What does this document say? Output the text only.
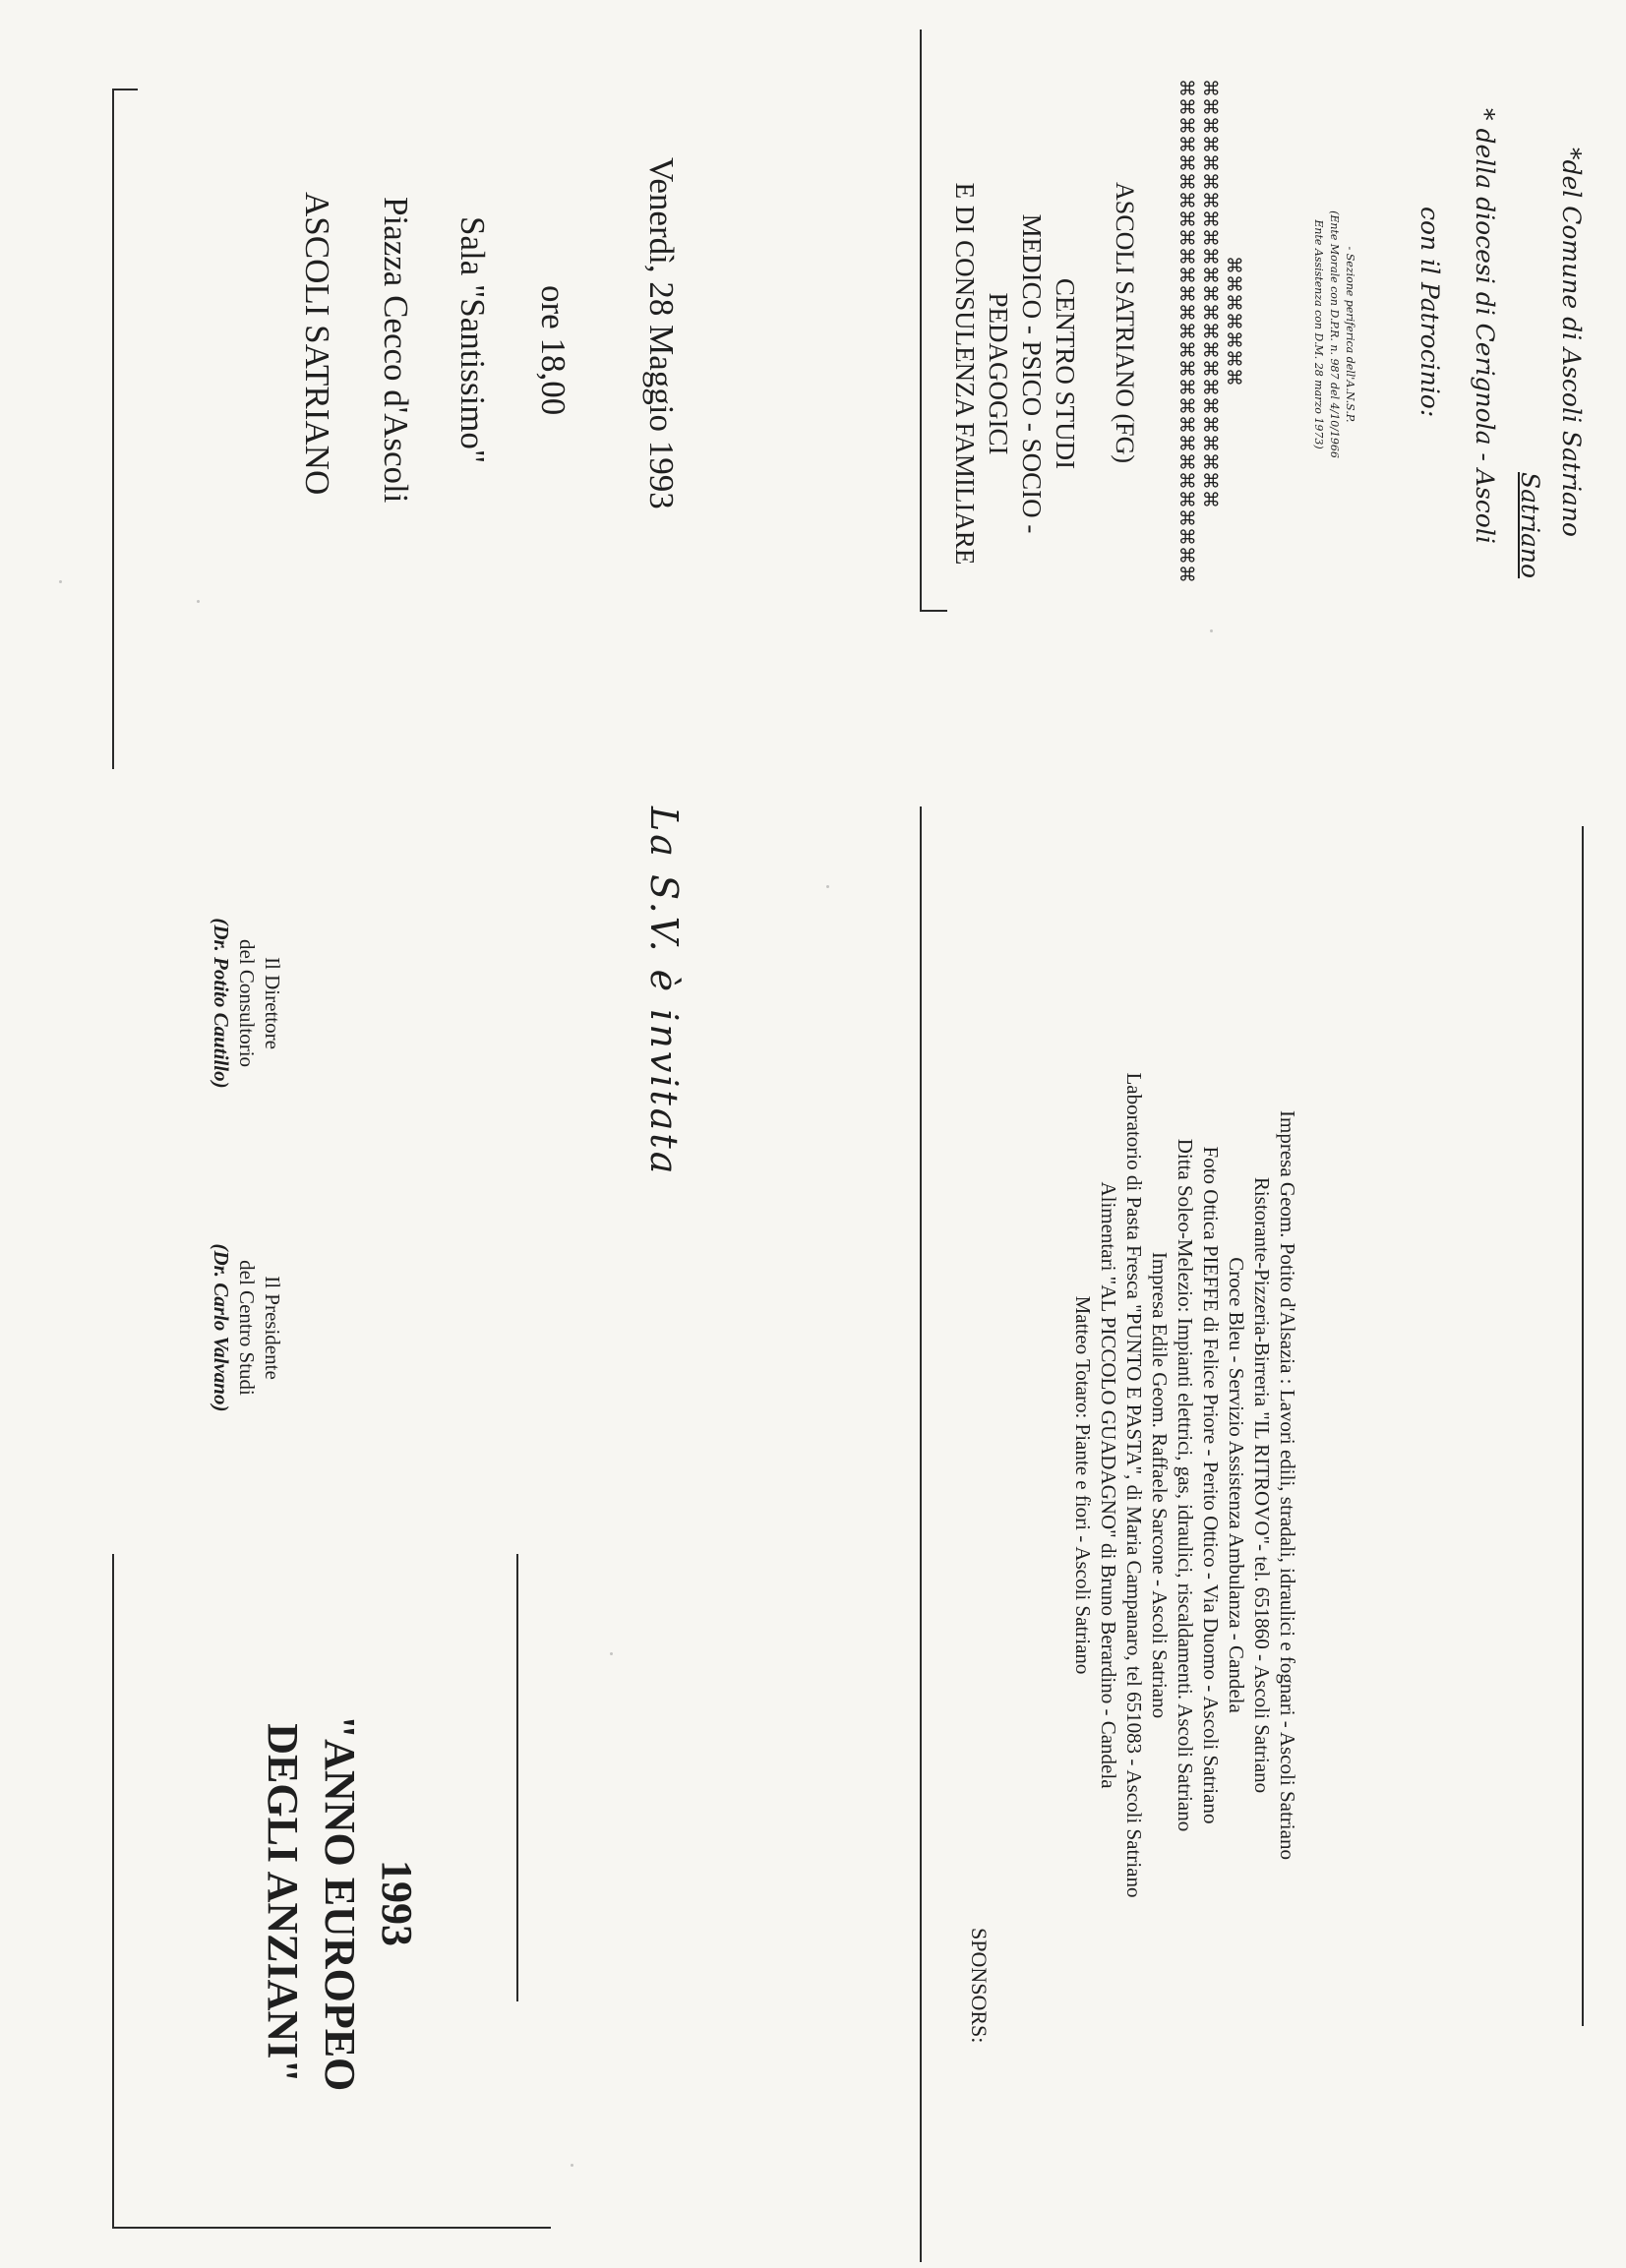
Venerdì, 28 Maggio 1993
ore 18,00
Sala "Santissimo"
Piazza Cecco d'Ascoli
ASCOLI SATRIANO	CENTRO STUDI
MEDICO - PSICO - SOCIO -
PEDAGOGICI
E DI CONSULENZA FAMILIARE	ASCOLI SATRIANO (FG) ⌘⌘⌘⌘⌘⌘⌘⌘⌘⌘⌘⌘⌘⌘⌘⌘⌘⌘⌘⌘⌘⌘⌘⌘⌘⌘⌘ ⌘⌘⌘⌘⌘⌘⌘⌘⌘⌘⌘⌘⌘⌘⌘⌘⌘⌘⌘⌘⌘⌘⌘ ⌘⌘⌘⌘⌘⌘⌘	- Sezione periferica dell'A.N.S.P.
(Ente Morale con D.P.R. n. 987 del 4/10/1966
Ente Assistenza con D.M. 28 marzo 1973)	con il Patrocinio: * della diocesi di Cerignola - Ascoli Satriano *del Comune di Ascoli Satriano
La S.V. è invitata
Il Direttore
del Consultorio
(Dr. Potito Cautillo)
Il Presidente
del Centro Studi
(Dr. Carlo Valvano)
1993
"ANNO EUROPEO
DEGLI ANZIANI"	SPONSORS:
Impresa Geom. Potito d'Alsazia : Lavori edili, stradali, idraulici e fognari - Ascoli Satriano
Ristorante-Pizzeria-Birreria "IL RITROVO"- tel. 651860 - Ascoli Satriano
Croce Bleu - Servizio Assistenza Ambulanza - Candela
Foto Ottica PIEFFE di Felice Priore - Perito Ottico - Via Duomo - Ascoli Satriano
Ditta Soleo-Melezio: Impianti elettrici, gas, idraulici, riscaldamenti. Ascoli Satriano
Impresa Edile Geom. Raffaele Sarcone - Ascoli Satriano
Laboratorio di Pasta Fresca "PUNTO E PASTA", di Maria Campanaro, tel 651083 - Ascoli Satriano
Alimentari "AL PICCOLO GUADAGNO" di Bruno Berardino - Candela
Matteo Totaro: Piante e fiori - Ascoli Satriano
